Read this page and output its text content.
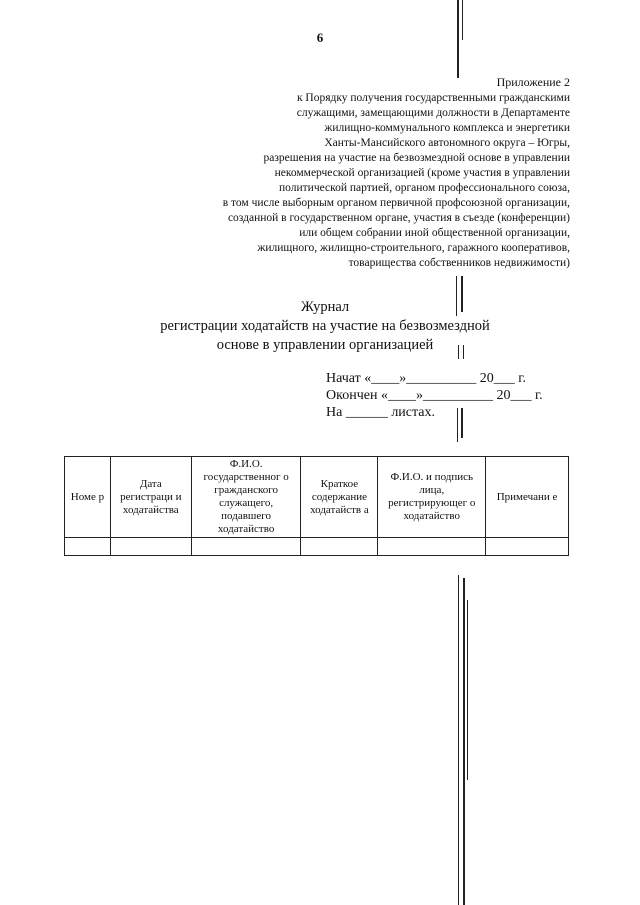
6
Приложение 2
к Порядку получения государственными гражданскими
служащими, замещающими должности в Департаменте
жилищно-коммунального комплекса и энергетики
Ханты-Мансийского автономного округа – Югры,
разрешения на участие на безвозмездной основе в управлении
некоммерческой организацией (кроме участия в управлении
политической партией, органом профессионального союза,
в том числе выборным органом первичной профсоюзной организации,
созданной в государственном органе, участия в съезде (конференции)
или общем собрании иной общественной организации,
жилищного, жилищно-строительного, гаражного кооперативов,
товарищества собственников недвижимости)
Журнал
регистрации ходатайств на участие на безвозмездной
основе в управлении организацией
Начат «____»__________ 20___ г.
Окончен «____»__________ 20___ г.
На ______ листах.
Номе р	Дата регистраци и ходатайства	Ф.И.О. государственног о гражданского служащего, подавшего ходатайство	Краткое содержание ходатайств а	Ф.И.О. и подпись лица, регистрирующег о ходатайство	Примечани е
